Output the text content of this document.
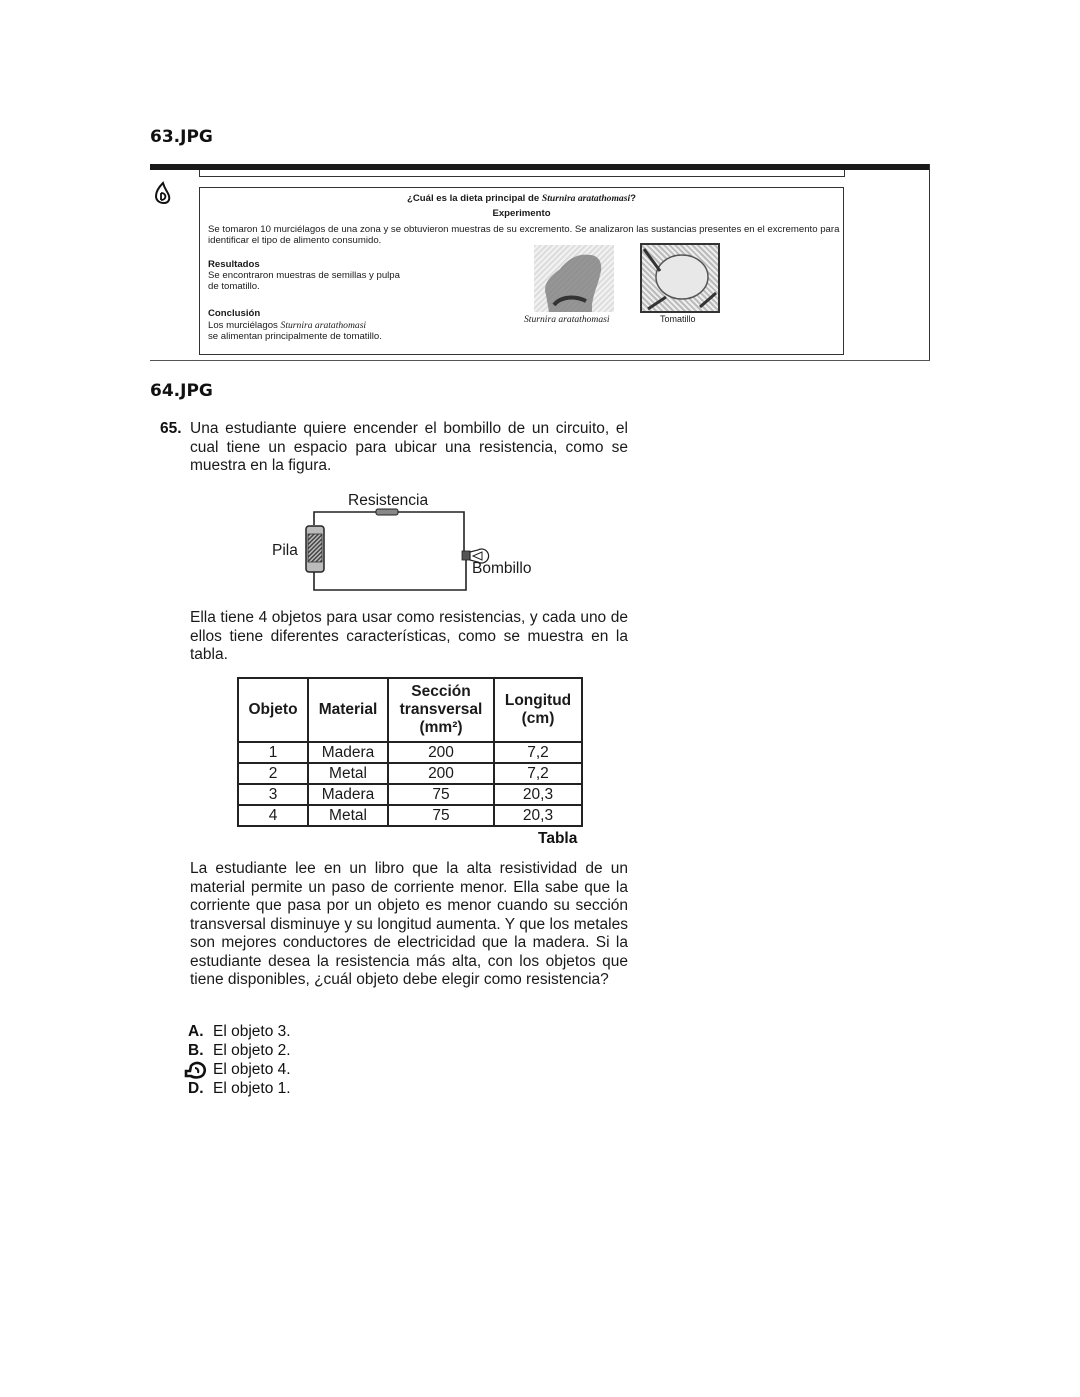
63.JPG
¿Cuál es la dieta principal de Sturnira aratathomasi?
Experimento
Se tomaron 10 murciélagos de una zona y se obtuvieron muestras de su excremento. Se analizaron las sustancias presentes en el excremento para identificar el tipo de alimento consumido.
Resultados
Se encontraron muestras de semillas y pulpa de tomatillo.
Conclusión
Los murciélagos Sturnira aratathomasi
se alimentan principalmente de tomatillo.
Sturnira aratathomasi	Tomatillo
64.JPG
65. Una estudiante quiere encender el bombillo de un circuito, el cual tiene un espacio para ubicar una resistencia, como se muestra en la figura.
Resistencia
Pila
Bombillo
Ella tiene 4 objetos para usar como resistencias, y cada uno de ellos tiene diferentes características, como se muestra en la tabla.
Objeto	Material	Sección transversal (mm²)	Longitud (cm)
1	Madera	200	7,2
2	Metal	200	7,2
3	Madera	75	20,3
4	Metal	75	20,3
Tabla
La estudiante lee en un libro que la alta resistividad de un material permite un paso de corriente menor. Ella sabe que la corriente que pasa por un objeto es menor cuando su sección transversal disminuye y su longitud aumenta. Y que los metales son mejores conductores de electricidad que la madera. Si la estudiante desea la resistencia más alta, con los objetos que tiene disponibles, ¿cuál objeto debe elegir como resistencia?
A. El objeto 3.
B. El objeto 2.
El objeto 4.
D. El objeto 1.
